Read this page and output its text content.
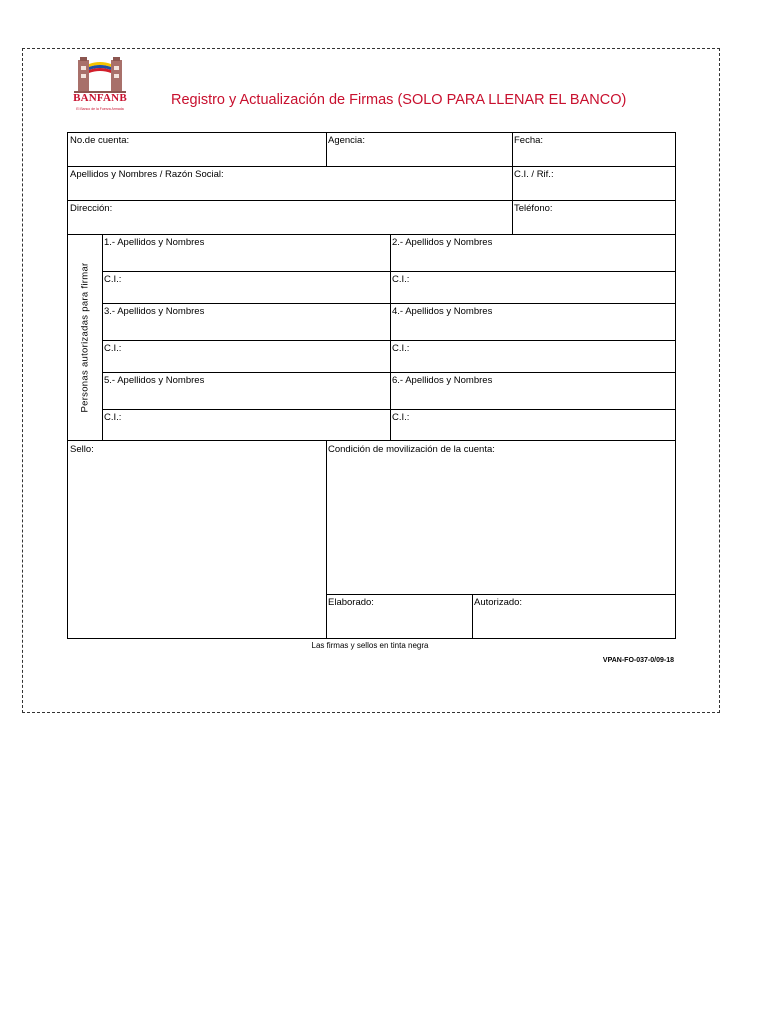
BANFANB
El Banco de la Fuerza Armada
Registro y Actualización de Firmas (SOLO PARA LLENAR EL BANCO)
No.de cuenta:	Agencia:	Fecha:
Apellidos y Nombres / Razón Social:	C.I. / Rif.:
Dirección:	Teléfono:
Personas autorizadas para firmar
1.- Apellidos y Nombres	2.- Apellidos y Nombres
C.I.:	C.I.:
3.- Apellidos y Nombres	4.- Apellidos y Nombres
C.I.:	C.I.:
5.- Apellidos y Nombres	6.- Apellidos y Nombres
C.I.:	C.I.:
Sello:	Condición de movilización de la cuenta:
Elaborado:	Autorizado:
Las firmas y sellos en tinta negra
VPAN-FO-037-0/09-18
